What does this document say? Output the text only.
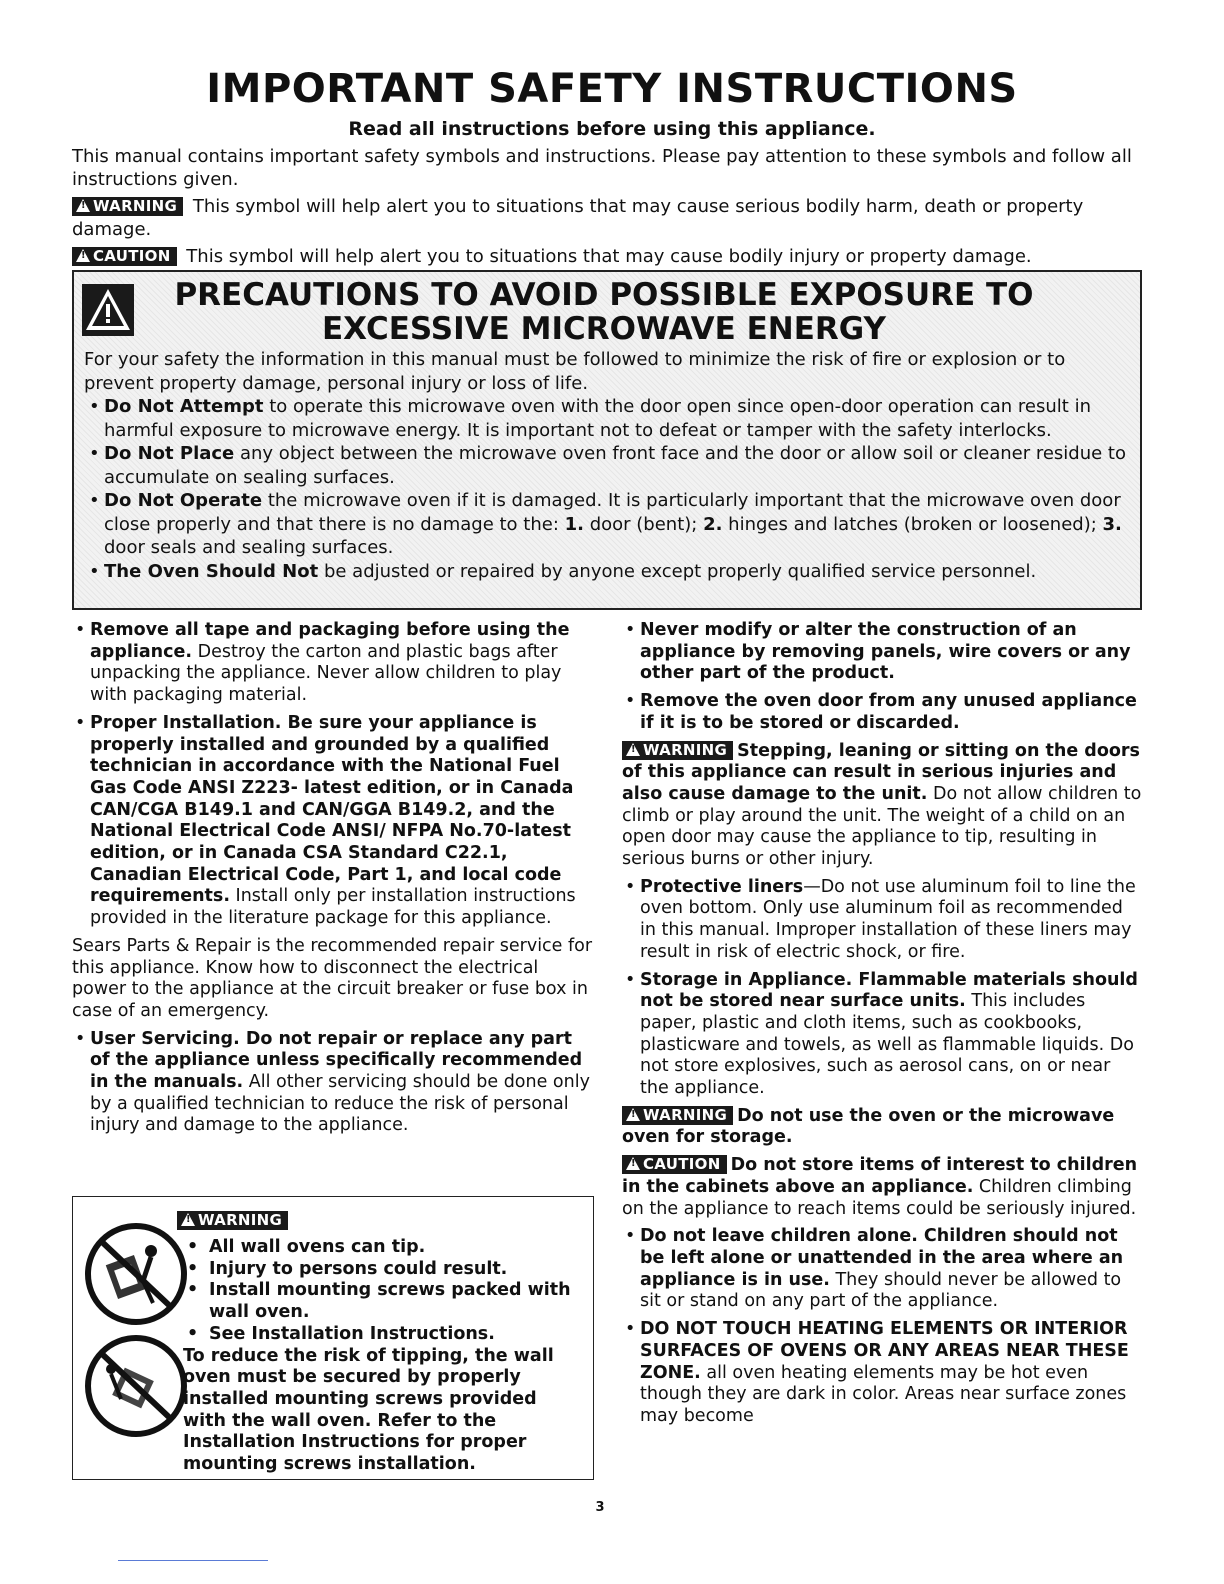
IMPORTANT SAFETY INSTRUCTIONS
Read all instructions before using this appliance.

This manual contains important safety symbols and instructions. Please pay attention to these symbols and follow all instructions given.

!WARNING This symbol will help alert you to situations that may cause serious bodily harm, death or property damage.

!CAUTION This symbol will help alert you to situations that may cause bodily injury or property damage.

PRECAUTIONS TO AVOID POSSIBLE EXPOSURE TO
EXCESSIVE MICROWAVE ENERGY

For your safety the information in this manual must be followed to minimize the risk of fire or explosion or to prevent property damage, personal injury or loss of life.

• Do Not Attempt to operate this microwave oven with the door open since open-door operation can result in harmful exposure to microwave energy. It is important not to defeat or tamper with the safety interlocks.
• Do Not Place any object between the microwave oven front face and the door or allow soil or cleaner residue to accumulate on sealing surfaces.
• Do Not Operate the microwave oven if it is damaged. It is particularly important that the microwave oven door close properly and that there is no damage to the: 1. door (bent); 2. hinges and latches (broken or loosened); 3. door seals and sealing surfaces.
• The Oven Should Not be adjusted or repaired by anyone except properly qualified service personnel.
• Remove all tape and packaging before using the appliance. Destroy the carton and plastic bags after unpacking the appliance. Never allow children to play with packaging material.
• Proper Installation. Be sure your appliance is properly installed and grounded by a qualified technician in accordance with the National Fuel Gas Code ANSI Z223- latest edition, or in Canada CAN/CGA B149.1 and CAN/GGA B149.2, and the National Electrical Code ANSI/ NFPA No.70-latest edition, or in Canada CSA Standard C22.1, Canadian Electrical Code, Part 1, and local code requirements. Install only per installation instructions provided in the literature package for this appliance.

Sears Parts & Repair is the recommended repair service for this appliance. Know how to disconnect the electrical power to the appliance at the circuit breaker or fuse box in case of an emergency.

• User Servicing. Do not repair or replace any part of the appliance unless specifically recommended in the manuals. All other servicing should be done only by a qualified technician to reduce the risk of personal injury and damage to the appliance.
!WARNING
• All wall ovens can tip.
• Injury to persons could result.
• Install mounting screws packed with wall oven.
• See Installation Instructions.

To reduce the risk of tipping, the wall oven must be secured by properly installed mounting screws provided with the wall oven. Refer to the Installation Instructions for proper mounting screws installation.

• Never modify or alter the construction of an appliance by removing panels, wire covers or any other part of the product.
• Remove the oven door from any unused appliance if it is to be stored or discarded.

!WARNING Stepping, leaning or sitting on the doors of this appliance can result in serious injuries and also cause damage to the unit. Do not allow children to climb or play around the unit. The weight of a child on an open door may cause the appliance to tip, resulting in serious burns or other injury.

• Protective liners—Do not use aluminum foil to line the oven bottom. Only use aluminum foil as recommended in this manual. Improper installation of these liners may result in risk of electric shock, or fire.
• Storage in Appliance. Flammable materials should not be stored near surface units. This includes paper, plastic and cloth items, such as cookbooks, plasticware and towels, as well as flammable liquids. Do not store explosives, such as aerosol cans, on or near the appliance.

!WARNING Do not use the oven or the microwave oven for storage.

!CAUTION Do not store items of interest to children in the cabinets above an appliance. Children climbing on the appliance to reach items could be seriously injured.

• Do not leave children alone. Children should not be left alone or unattended in the area where an appliance is in use. They should never be allowed to sit or stand on any part of the appliance.
• DO NOT TOUCH HEATING ELEMENTS OR INTERIOR SURFACES OF OVENS OR ANY AREAS NEAR THESE ZONE. all oven heating elements may be hot even though they are dark in color. Areas near surface zones may become
3
